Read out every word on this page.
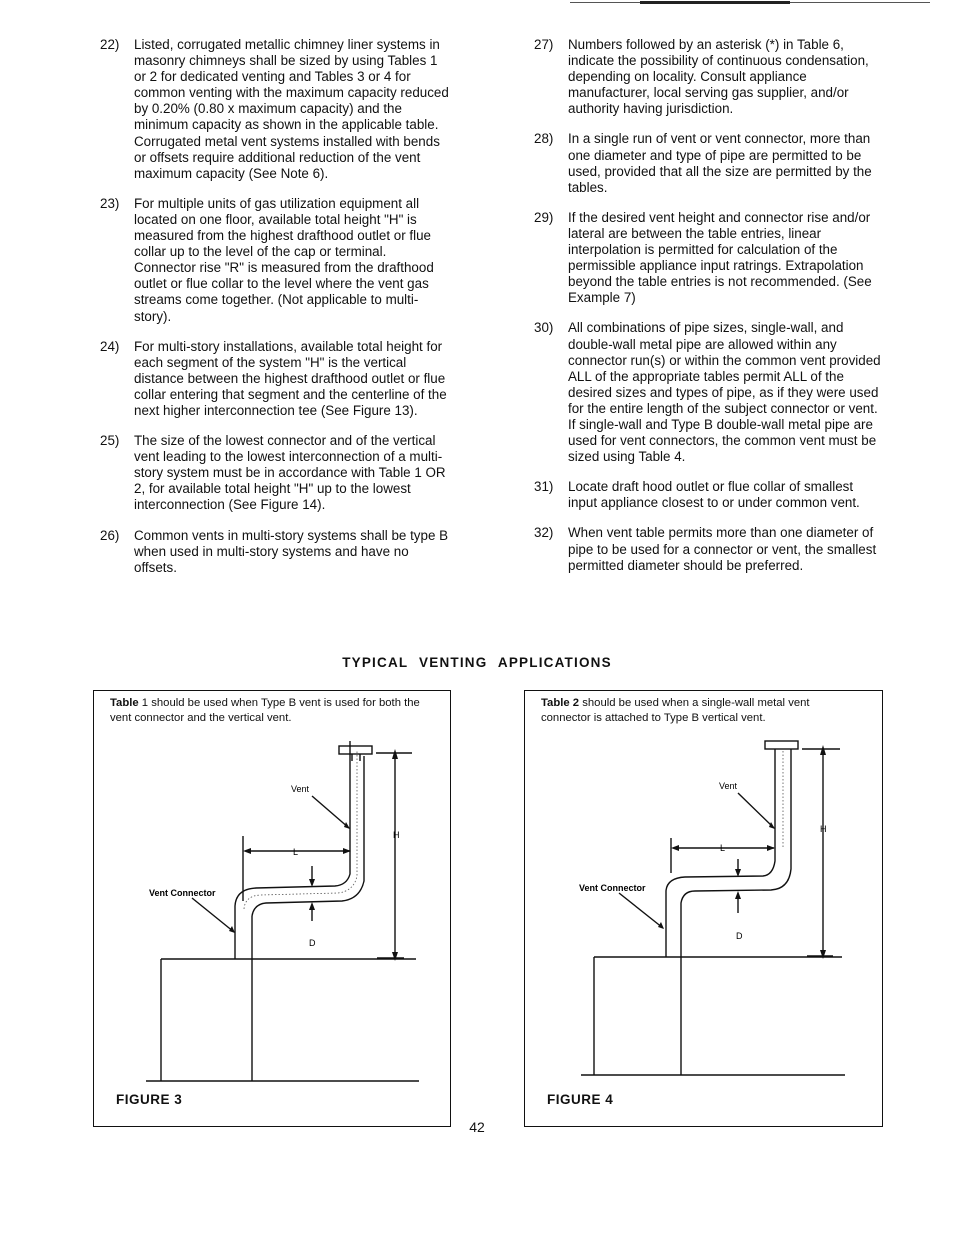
22)	Listed, corrugated metallic chimney liner systems in masonry chimneys shall be sized by using Tables 1 or 2 for dedicated venting and Tables 3 or 4 for common venting with the maximum capacity reduced by 0.20% (0.80 x maximum capacity) and the minimum capacity as shown in the applicable table. Corrugated metal vent systems installed with bends or offsets require additional reduction of the vent maximum capacity (See Note 6).
23)	For multiple units of gas utilization equipment all located on one floor, available total height "H" is measured from the highest drafthood outlet or flue collar up to the level of the cap or terminal. Connector rise "R" is measured from the drafthood outlet or flue collar to the level where the vent gas streams come together. (Not applicable to multi-story).
24)	For multi-story installations, available total height for each segment of the system "H" is the vertical distance between the highest drafthood outlet or flue collar entering that segment and the centerline of the next higher interconnection tee (See Figure 13).
25)	The size of the lowest connector and of the vertical vent leading to the lowest interconnection of a multi-story system must be in accordance with Table 1 OR 2, for available total height "H" up to the lowest interconnection (See Figure 14).
26)	Common vents in multi-story systems shall be type B when used in multi-story systems and have no offsets.
27)	Numbers followed by an asterisk (*) in Table 6, indicate the possibility of continuous condensation, depending on locality. Consult appliance manufacturer, local serving gas supplier, and/or authority having jurisdiction.
28)	In a single run of vent or vent connector, more than one diameter and type of pipe are permitted to be used, provided that all the size are permitted by the tables.
29)	If the desired vent height and connector rise and/or lateral are between the table entries, linear interpolation is permitted for calculation of the permissible appliance input ratrings. Extrapolation beyond the table entries is not recommended. (See Example 7)
30)	All combinations of pipe sizes, single-wall, and double-wall metal pipe are allowed within any connector run(s) or within the common vent provided ALL of the appropriate tables permit ALL of the desired sizes and types of pipe, as if they were used for the entire length of the subject connector or vent. If single-wall and Type B double-wall metal pipe are used for vent connectors, the common vent must be sized using Table 4.
31)	Locate draft hood outlet or flue collar of smallest input appliance closest to or under common vent.
32)	When vent table permits more than one diameter of pipe to be used for a connector or vent, the smallest permitted diameter should be preferred.
TYPICAL VENTING APPLICATIONS
Table 1 should be used when Type B vent is used for both the vent connector and the vertical vent.
Vent
Vent Connector
L
H
D
FIGURE 3
Table 2 should be used when a single-wall metal vent connector is attached to Type B vertical vent.
Vent
Vent Connector
L
H
D
FIGURE 4
42
